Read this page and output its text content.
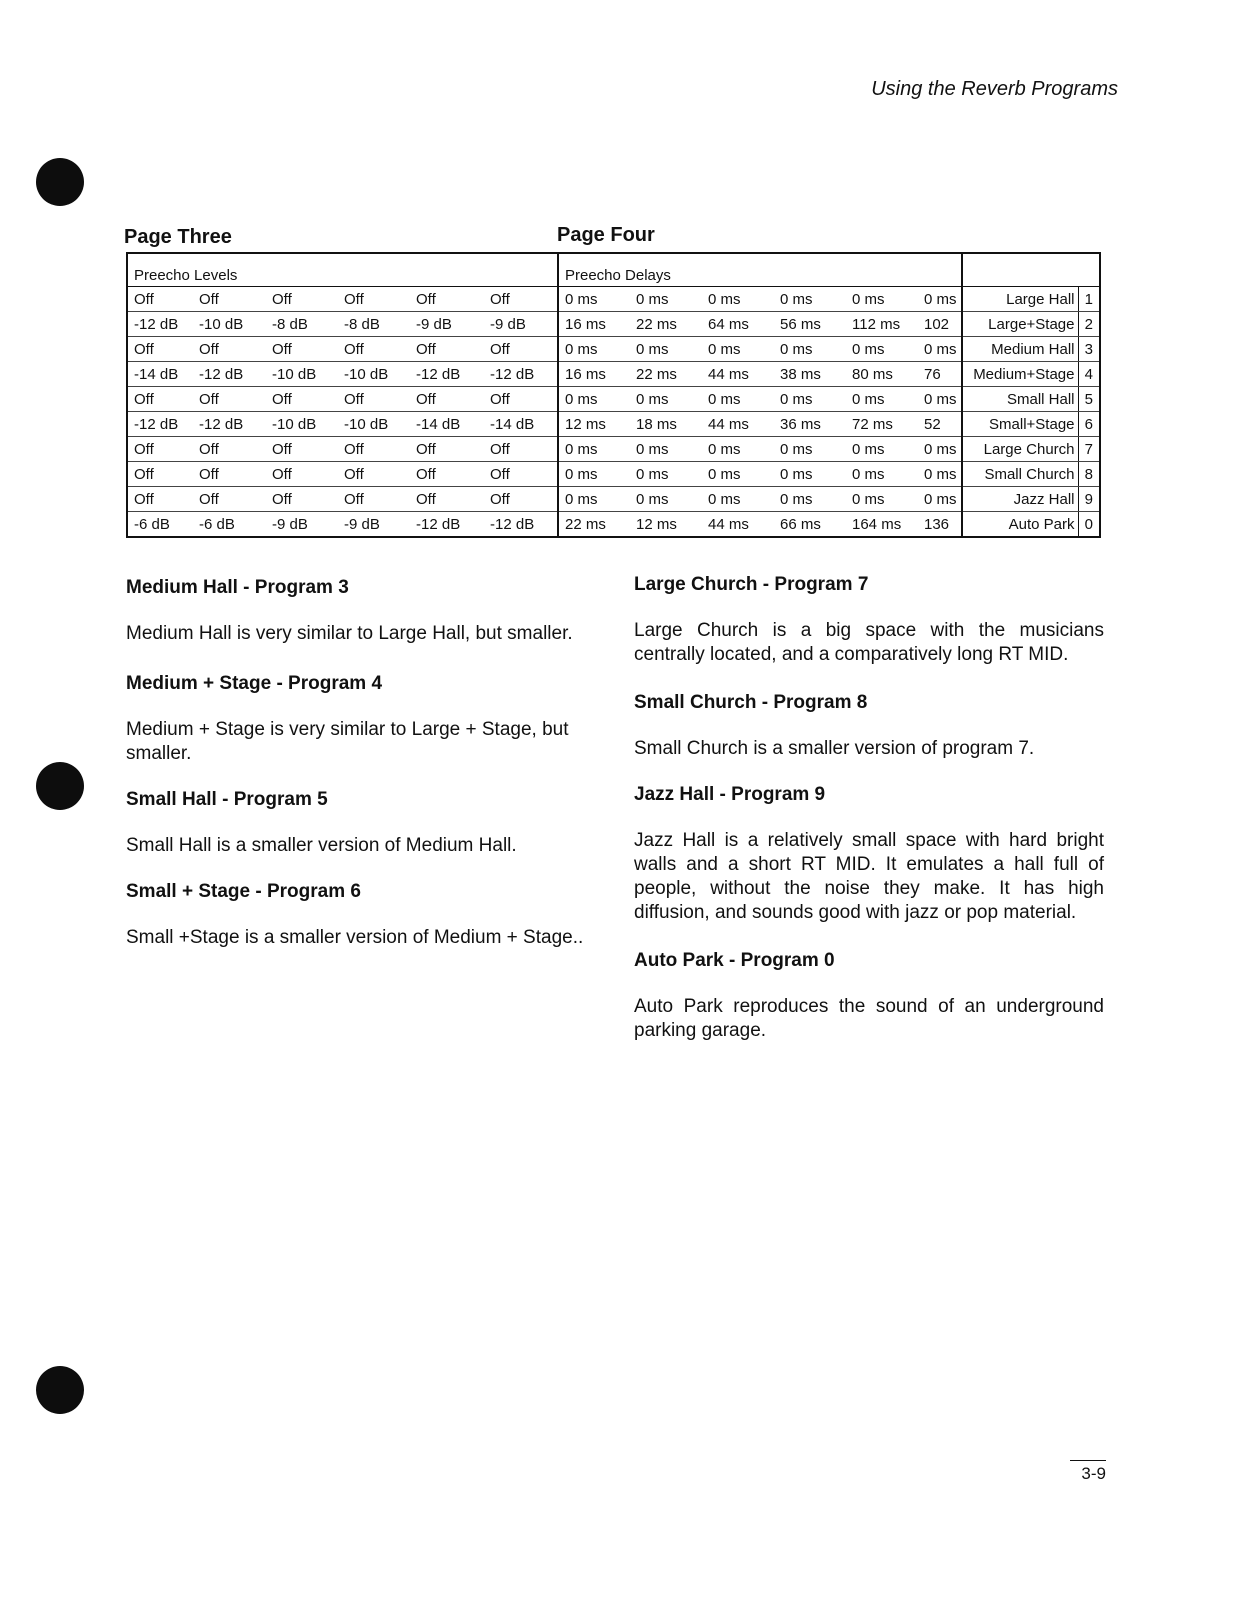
Using the Reverb Programs
Page Three	Page Four
Preecho Levels						Preecho Delays							
Off	Off	Off	Off	Off	Off	0 ms	0 ms	0 ms	0 ms	0 ms	0 ms	Large Hall	1
-12 dB	-10 dB	-8 dB	-8 dB	-9 dB	-9 dB	16 ms	22 ms	64 ms	56 ms	112 ms	102	Large+Stage	2
Off	Off	Off	Off	Off	Off	0 ms	0 ms	0 ms	0 ms	0 ms	0 ms	Medium Hall	3
-14 dB	-12 dB	-10 dB	-10 dB	-12 dB	-12 dB	16 ms	22 ms	44 ms	38 ms	80 ms	76	Medium+Stage	4
Off	Off	Off	Off	Off	Off	0 ms	0 ms	0 ms	0 ms	0 ms	0 ms	Small Hall	5
-12 dB	-12 dB	-10 dB	-10 dB	-14 dB	-14 dB	12 ms	18 ms	44 ms	36 ms	72 ms	52	Small+Stage	6
Off	Off	Off	Off	Off	Off	0 ms	0 ms	0 ms	0 ms	0 ms	0 ms	Large Church	7
Off	Off	Off	Off	Off	Off	0 ms	0 ms	0 ms	0 ms	0 ms	0 ms	Small Church	8
Off	Off	Off	Off	Off	Off	0 ms	0 ms	0 ms	0 ms	0 ms	0 ms	Jazz Hall	9
-6 dB	-6 dB	-9 dB	-9 dB	-12 dB	-12 dB	22 ms	12 ms	44 ms	66 ms	164 ms	136	Auto Park	0
Medium Hall - Program 3

Medium Hall is very similar to Large Hall, but smaller.

Medium + Stage - Program 4

Medium + Stage is very similar to Large + Stage, but smaller.

Small Hall - Program 5

Small Hall is a smaller version of Medium Hall.

Small + Stage - Program 6

Small +Stage is a smaller version of Medium + Stage..

Large Church - Program 7

Large Church is a big space with the musicians centrally located, and a comparatively long RT MID.

Small Church - Program 8

Small Church is a smaller version of program 7.

Jazz Hall - Program 9

Jazz Hall is a relatively small space with hard bright walls and a short RT MID. It emulates a hall full of people, without the noise they make. It has high diffusion, and sounds good with jazz or pop material.

Auto Park - Program 0

Auto Park reproduces the sound of an underground parking garage.

3-9
